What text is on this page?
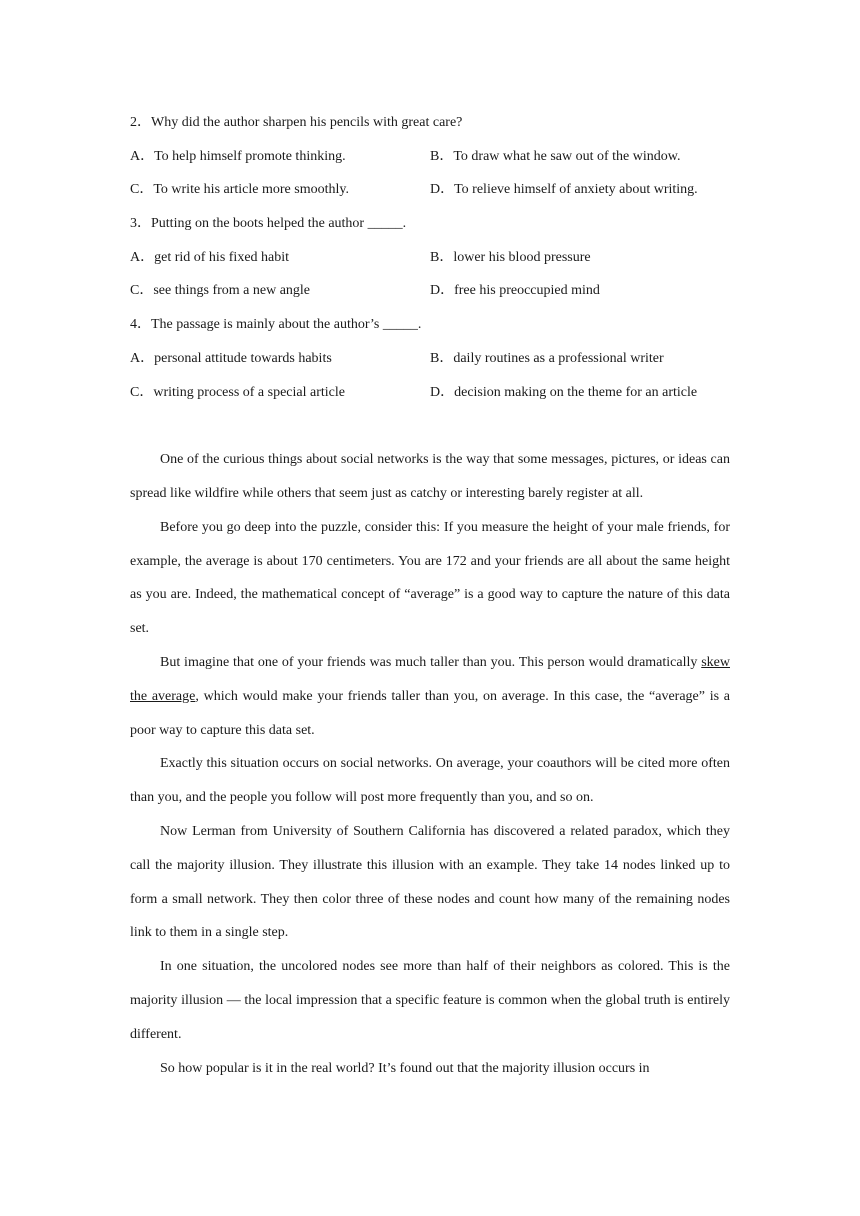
2．Why did the author sharpen his pencils with great care?
A．To help himself promote thinking.	B．To draw what he saw out of the window.
C．To write his article more smoothly.	D．To relieve himself of anxiety about writing.
3．Putting on the boots helped the author _____.
A．get rid of his fixed habit	B．lower his blood pressure
C．see things from a new angle	D．free his preoccupied mind
4．The passage is mainly about the author’s _____.
A．personal attitude towards habits	B．daily routines as a professional writer
C．writing process of a special article	D．decision making on the theme for an article

One of the curious things about social networks is the way that some messages, pictures, or ideas can spread like wildfire while others that seem just as catchy or interesting barely register at all.

Before you go deep into the puzzle, consider this: If you measure the height of your male friends, for example, the average is about 170 centimeters. You are 172 and your friends are all about the same height as you are. Indeed, the mathematical concept of “average” is a good way to capture the nature of this data set.

But imagine that one of your friends was much taller than you. This person would dramatically skew the average, which would make your friends taller than you, on average. In this case, the “average” is a poor way to capture this data set.

Exactly this situation occurs on social networks. On average, your coauthors will be cited more often than you, and the people you follow will post more frequently than you, and so on.

Now Lerman from University of Southern California has discovered a related paradox, which they call the majority illusion. They illustrate this illusion with an example. They take 14 nodes linked up to form a small network. They then color three of these nodes and count how many of the remaining nodes link to them in a single step.

In one situation, the uncolored nodes see more than half of their neighbors as colored. This is the majority illusion — the local impression that a specific feature is common when the global truth is entirely different.

So how popular is it in the real world? It’s found out that the majority illusion occurs in
